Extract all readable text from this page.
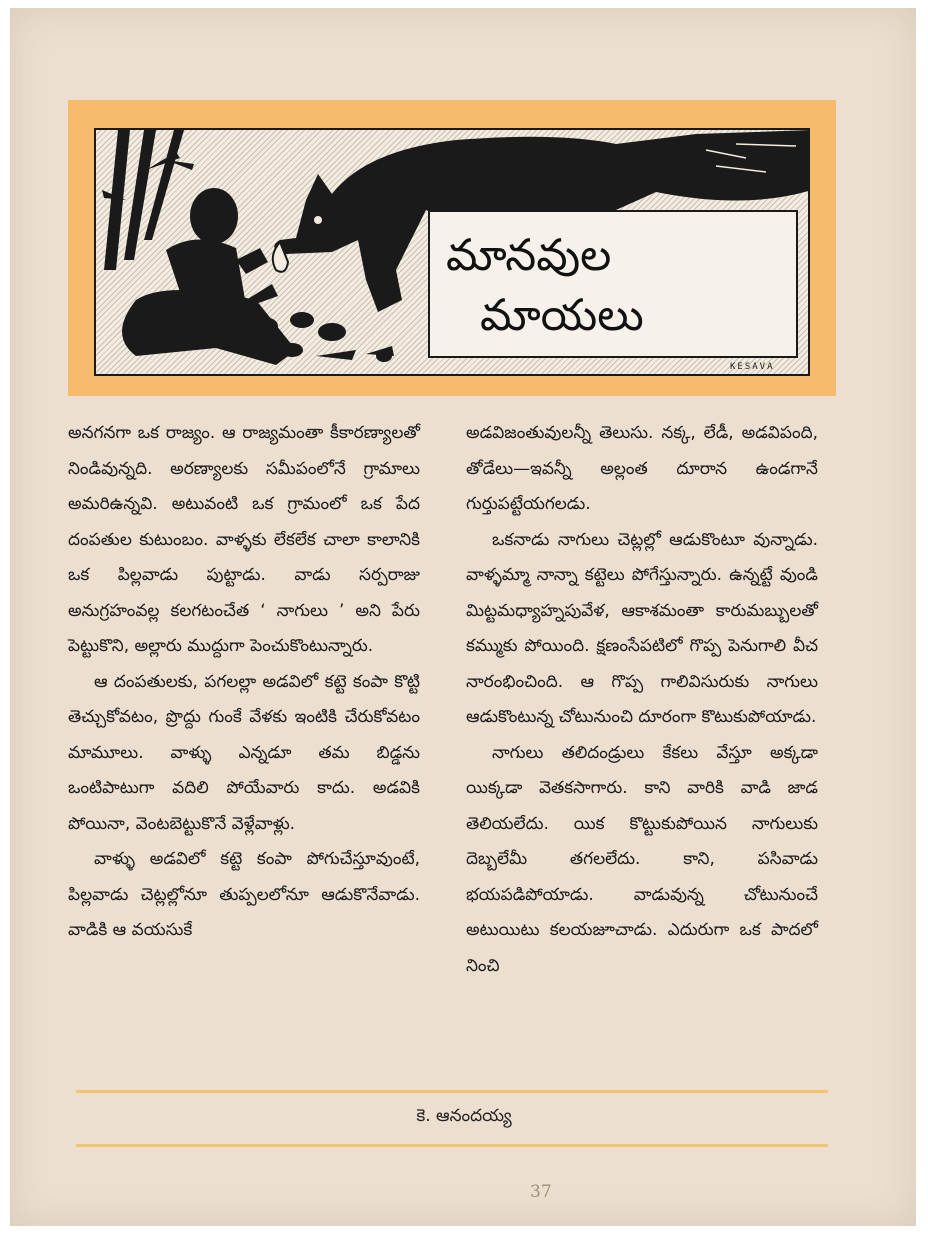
మానవుల
మాయలు
KESAVA

అనగనగా ఒక రాజ్యం. ఆ రాజ్యమంతా కీకారణ్యాలతో నిండివున్నది. అరణ్యాలకు సమీపంలోనే గ్రామాలు అమరిఉన్నవి. అటువంటి ఒక గ్రామంలో ఒక పేద దంపతుల కుటుంబం. వాళ్ళకు లేకలేక చాలా కాలానికి ఒక పిల్లవాడు పుట్టాడు. వాడు సర్పరాజు అనుగ్రహంవల్ల కలగటంచేత ‘ నాగులు ’ అని పేరు పెట్టుకొని, అల్లారు ముద్దుగా పెంచుకొంటున్నారు.

ఆ దంపతులకు, పగలల్లా అడవిలో కట్టె కంపా కొట్టి తెచ్చుకోవటం, ప్రొద్దు గుంకే వేళకు ఇంటికి చేరుకోవటం మామూలు. వాళ్ళు ఎన్నడూ తమ బిడ్డను ఒంటిపాటుగా వదిలి పోయేవారు కాదు. అడవికి పోయినా, వెంటబెట్టుకొనే వెళ్లేవాళ్లు.

వాళ్ళు అడవిలో కట్టె కంపా పోగుచేస్తూవుంటే, పిల్లవాడు చెట్లల్లోనూ తుప్పలలోనూ ఆడుకొనేవాడు. వాడికి ఆ వయసుకే

అడవిజంతువులన్నీ తెలుసు. నక్క, లేడీ, అడవిపంది, తోడేలు—ఇవన్నీ అల్లంత దూరాన ఉండగానే గుర్తుపట్టేయగలడు.

ఒకనాడు నాగులు చెట్లల్లో ఆడుకొంటూ వున్నాడు. వాళ్ళమ్మా నాన్నా కట్టెలు పోగేస్తున్నారు. ఉన్నట్టే వుండి మిట్టమధ్యాహ్నపువేళ, ఆకాశమంతా కారుమబ్బులతో కమ్ముకు పోయింది. క్షణంసేపటిలో గొప్ప పెనుగాలి వీచ నారంభించింది. ఆ గొప్ప గాలివిసురుకు నాగులు ఆడుకొంటున్న చోటునుంచి దూరంగా కొటుకుపోయాడు.

నాగులు తలిదండ్రులు కేకలు వేస్తూ అక్కడా యిక్కడా వెతకసాగారు. కాని వారికి వాడి జాడ తెలియలేదు. యిక కొట్టుకుపోయిన నాగులుకు దెబ్బలేమీ తగలలేదు. కాని, పసివాడు భయపడిపోయాడు. వాడువున్న చోటునుంచే అటుయిటు కలయజూచాడు. ఎదురుగా ఒక పాదలో నించి

కె. ఆనందయ్య
37
